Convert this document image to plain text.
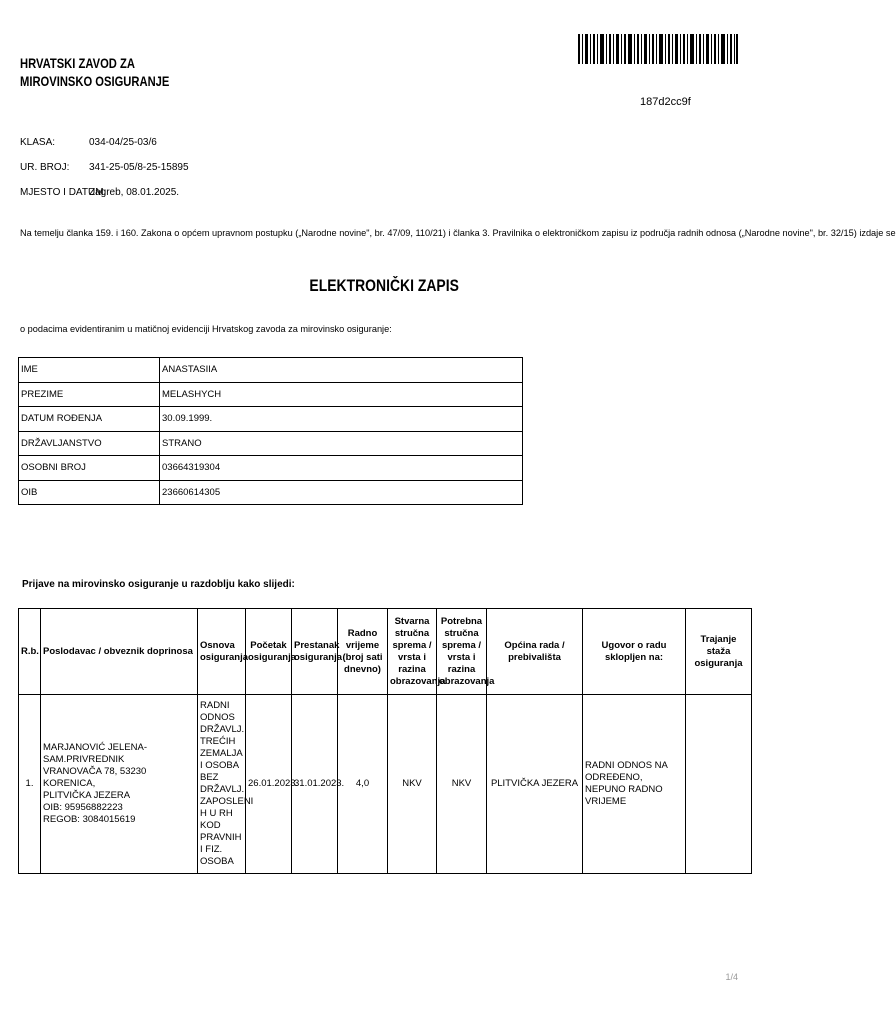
HRVATSKI ZAVOD ZA
MIROVINSKO OSIGURANJE
187d2cc9f
KLASA:	034-04/25-03/6
UR. BROJ: 341-25-05/8-25-15895
MJESTO I DATUM:
Zagreb, 08.01.2025.
Na temelju članka 159. i 160. Zakona o općem upravnom postupku („Narodne novine", br. 47/09, 110/21) i članka 3. Pravilnika o elektroničkom zapisu iz područja radnih odnosa („Narodne novine", br. 32/15) izdaje se
ELEKTRONIČKI ZAPIS
o podacima evidentiranim u matičnoj evidenciji Hrvatskog zavoda za mirovinsko osiguranje:
IME	ANASTASIIA
PREZIME	MELASHYCH
DATUM ROĐENJA	30.09.1999.
DRŽAVLJANSTVO	STRANO
OSOBNI BROJ	03664319304
OIB	23660614305
Prijave na mirovinsko osiguranje u razdoblju kako slijedi:
R.b.	Poslodavac / obveznik doprinosa	Osnova osiguranja	Početak osiguranja	Prestanak osiguranja	Radno vrijeme (broj sati dnevno)	Stvarna stručna sprema / vrsta i razina obrazovanja	Potrebna stručna sprema / vrsta i razina obrazovanja	Općina rada / prebivališta	Ugovor o radu sklopljen na:	Trajanje staža osiguranja
1.	MARJANOVIĆ JELENA- SAM.PRIVREDNIK
VRANOVAČA 78, 53230 KORENICA,
PLITVIČKA JEZERA
OIB: 95956882223
REGOB: 3084015619	RADNI ODNOS DRŽAVLJ. TREĆIH ZEMALJA I OSOBA BEZ DRŽAVLJ. ZAPOSLENI H U RH KOD PRAVNIH I FIZ. OSOBA	26.01.2023.	31.01.2023.	4,0	NKV	NKV	PLITVIČKA JEZERA	RADNI ODNOS NA ODREĐENO, NEPUNO RADNO VRIJEME	
1/4
